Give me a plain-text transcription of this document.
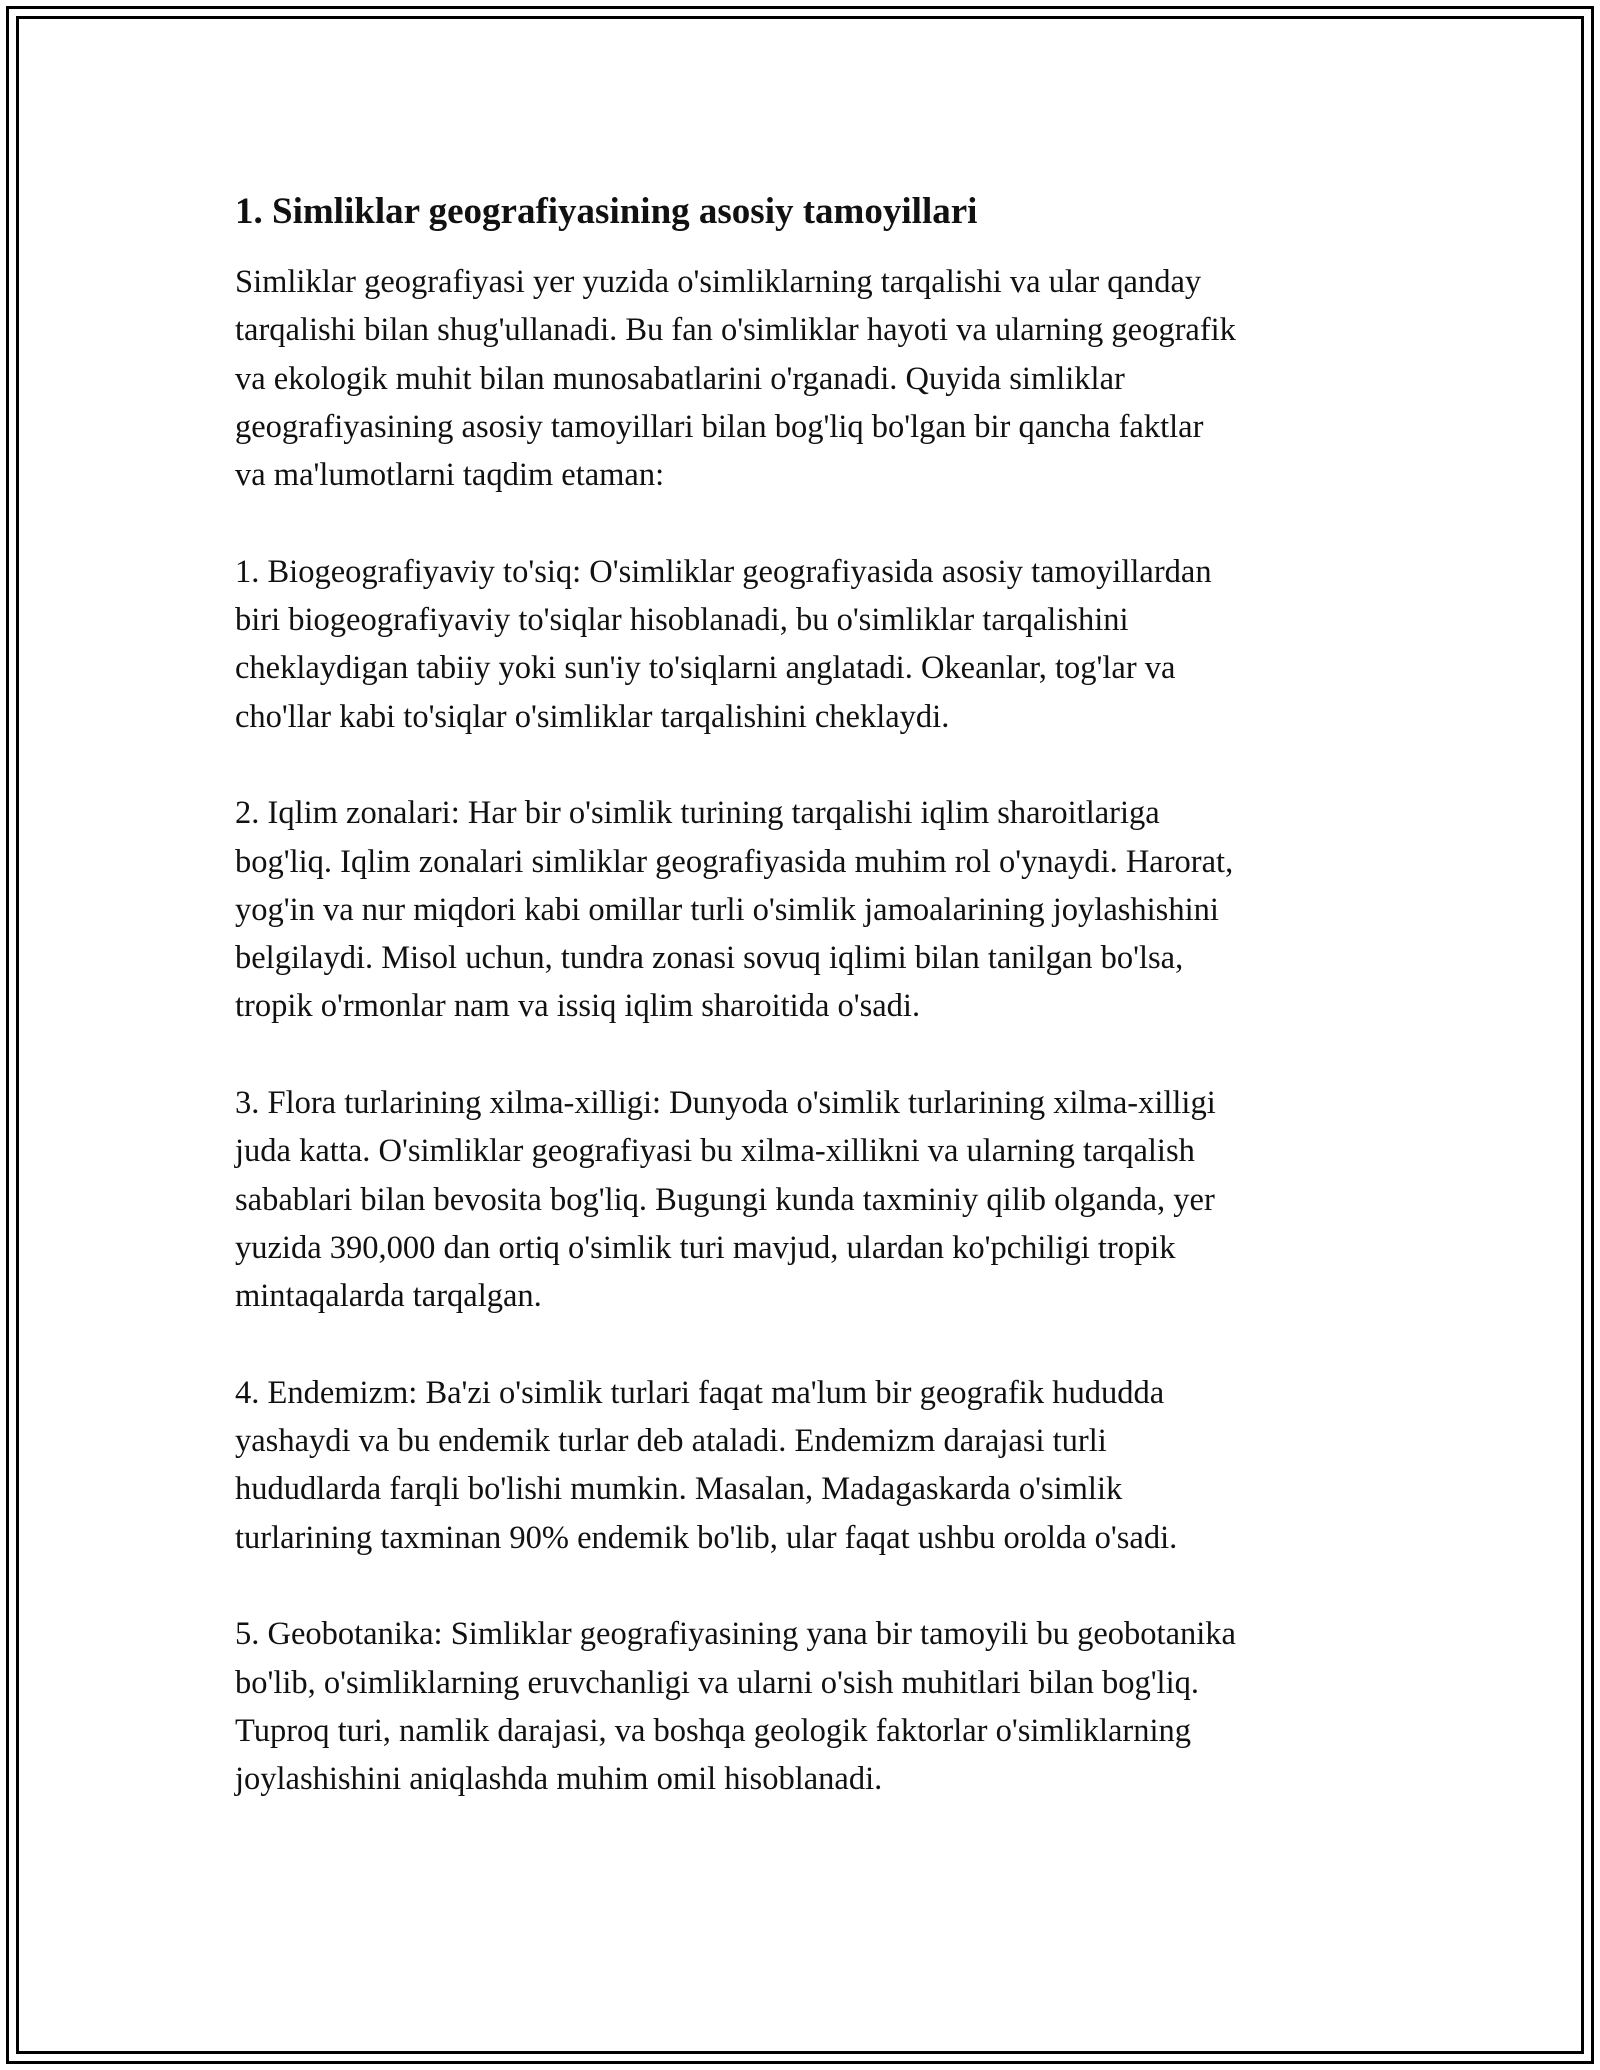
1. Simliklar geografiyasining asosiy tamoyillari

Simliklar geografiyasi yer yuzida o'simliklarning tarqalishi va ular qanday
tarqalishi bilan shug'ullanadi. Bu fan o'simliklar hayoti va ularning geografik
va ekologik muhit bilan munosabatlarini o'rganadi. Quyida simliklar
geografiyasining asosiy tamoyillari bilan bog'liq bo'lgan bir qancha faktlar
va ma'lumotlarni taqdim etaman:

1. Biogeografiyaviy to'siq: O'simliklar geografiyasida asosiy tamoyillardan
biri biogeografiyaviy to'siqlar hisoblanadi, bu o'simliklar tarqalishini
cheklaydigan tabiiy yoki sun'iy to'siqlarni anglatadi. Okeanlar, tog'lar va
cho'llar kabi to'siqlar o'simliklar tarqalishini cheklaydi.

2. Iqlim zonalari: Har bir o'simlik turining tarqalishi iqlim sharoitlariga
bog'liq. Iqlim zonalari simliklar geografiyasida muhim rol o'ynaydi. Harorat,
yog'in va nur miqdori kabi omillar turli o'simlik jamoalarining joylashishini
belgilaydi. Misol uchun, tundra zonasi sovuq iqlimi bilan tanilgan bo'lsa,
tropik o'rmonlar nam va issiq iqlim sharoitida o'sadi.

3. Flora turlarining xilma-xilligi: Dunyoda o'simlik turlarining xilma-xilligi
juda katta. O'simliklar geografiyasi bu xilma-xillikni va ularning tarqalish
sabablari bilan bevosita bog'liq. Bugungi kunda taxminiy qilib olganda, yer
yuzida 390,000 dan ortiq o'simlik turi mavjud, ulardan ko'pchiligi tropik
mintaqalarda tarqalgan.

4. Endemizm: Ba'zi o'simlik turlari faqat ma'lum bir geografik hududda
yashaydi va bu endemik turlar deb ataladi. Endemizm darajasi turli
hududlarda farqli bo'lishi mumkin. Masalan, Madagaskarda o'simlik
turlarining taxminan 90% endemik bo'lib, ular faqat ushbu orolda o'sadi.

5. Geobotanika: Simliklar geografiyasining yana bir tamoyili bu geobotanika
bo'lib, o'simliklarning eruvchanligi va ularni o'sish muhitlari bilan bog'liq.
Tuproq turi, namlik darajasi, va boshqa geologik faktorlar o'simliklarning
joylashishini aniqlashda muhim omil hisoblanadi.
